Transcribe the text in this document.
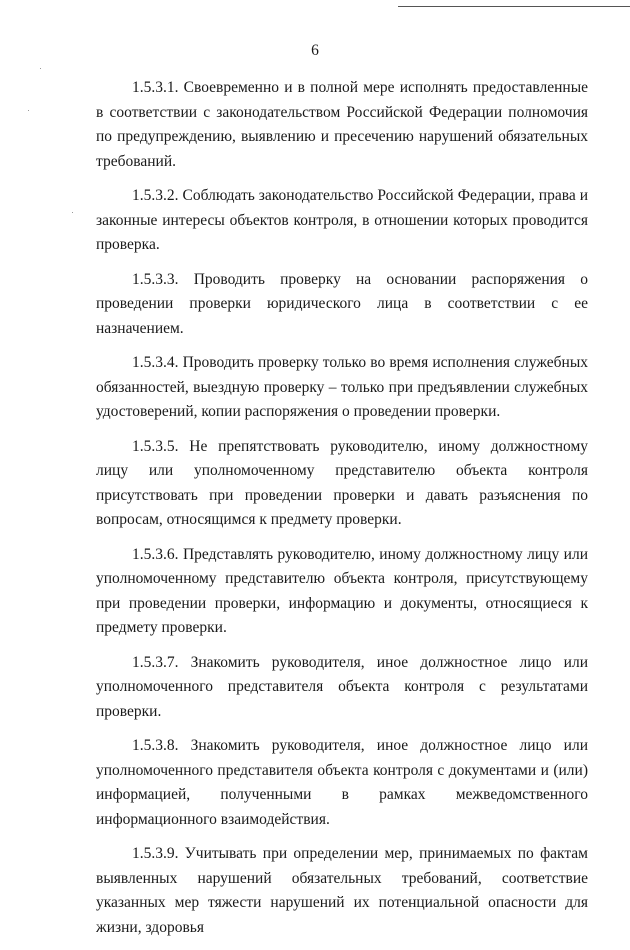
6

1.5.3.1. Своевременно и в полной мере исполнять предоставленные в соответствии с законодательством Российской Федерации полномочия по предупреждению, выявлению и пресечению нарушений обязательных требований.

1.5.3.2. Соблюдать законодательство Российской Федерации, права и законные интересы объектов контроля, в отношении которых проводится проверка.

1.5.3.3. Проводить проверку на основании распоряжения о проведении проверки юридического лица в соответствии с ее назначением.

1.5.3.4. Проводить проверку только во время исполнения служебных обязанностей, выездную проверку – только при предъявлении служебных удостоверений, копии распоряжения о проведении проверки.

1.5.3.5. Не препятствовать руководителю, иному должностному лицу или уполномоченному представителю объекта контроля присутствовать при проведении проверки и давать разъяснения по вопросам, относящимся к предмету проверки.

1.5.3.6. Представлять руководителю, иному должностному лицу или уполномоченному представителю объекта контроля, присутствующему при проведении проверки, информацию и документы, относящиеся к предмету проверки.

1.5.3.7. Знакомить руководителя, иное должностное лицо или уполномоченного представителя объекта контроля с результатами проверки.

1.5.3.8. Знакомить руководителя, иное должностное лицо или уполномоченного представителя объекта контроля с документами и (или) информацией, полученными в рамках межведомственного информационного взаимодействия.

1.5.3.9. Учитывать при определении мер, принимаемых по фактам выявленных нарушений обязательных требований, соответствие указанных мер тяжести нарушений их потенциальной опасности для жизни, здоровья
